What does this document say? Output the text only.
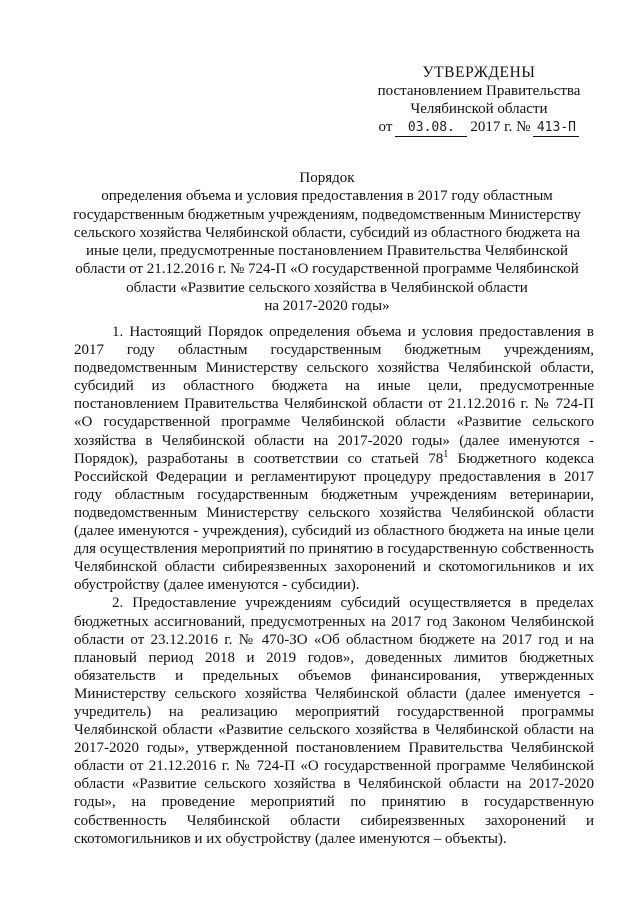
УТВЕРЖДЕНЫ
постановлением Правительства
Челябинской области
от	03.08.	2017 г. № 413-П
Порядок
определения объема и условия предоставления в 2017 году областным
государственным бюджетным учреждениям, подведомственным Министерству
сельского хозяйства Челябинской области, субсидий из областного бюджета на
иные цели, предусмотренные постановлением Правительства Челябинской
области от 21.12.2016 г. № 724-П «О государственной программе Челябинской
области «Развитие сельского хозяйства в Челябинской области
на 2017-2020 годы»

1. Настоящий Порядок определения объема и условия предоставления в 2017 году областным государственным бюджетным учреждениям, подведомственным Министерству сельского хозяйства Челябинской области, субсидий из областного бюджета на иные цели, предусмотренные постановлением Правительства Челябинской области от 21.12.2016 г. № 724-П «О государственной программе Челябинской области «Развитие сельского хозяйства в Челябинской области на 2017-2020 годы» (далее именуются - Порядок), разработаны в соответствии со статьей $78^1$ Бюджетного кодекса Российской Федерации и регламентируют процедуру предоставления в 2017 году областным государственным бюджетным учреждениям ветеринарии, подведомственным Министерству сельского хозяйства Челябинской области (далее именуются - учреждения), субсидий из областного бюджета на иные цели для осуществления мероприятий по принятию в государственную собственность Челябинской области сибиреязвенных захоронений и скотомогильников и их обустройству (далее именуются - субсидии).

2. Предоставление учреждениям субсидий осуществляется в пределах бюджетных ассигнований, предусмотренных на 2017 год Законом Челябинской области от 23.12.2016 г. № 470-ЗО «Об областном бюджете на 2017 год и на плановый период 2018 и 2019 годов», доведенных лимитов бюджетных обязательств и предельных объемов финансирования, утвержденных Министерству сельского хозяйства Челябинской области (далее именуется - учредитель) на реализацию мероприятий государственной программы Челябинской области «Развитие сельского хозяйства в Челябинской области на 2017-2020 годы», утвержденной постановлением Правительства Челябинской области от 21.12.2016 г. № 724-П «О государственной программе Челябинской области «Развитие сельского хозяйства в Челябинской области на 2017-2020 годы», на проведение мероприятий по принятию в государственную собственность Челябинской области сибиреязвенных захоронений и скотомогильников и их обустройству (далее именуются – объекты).
